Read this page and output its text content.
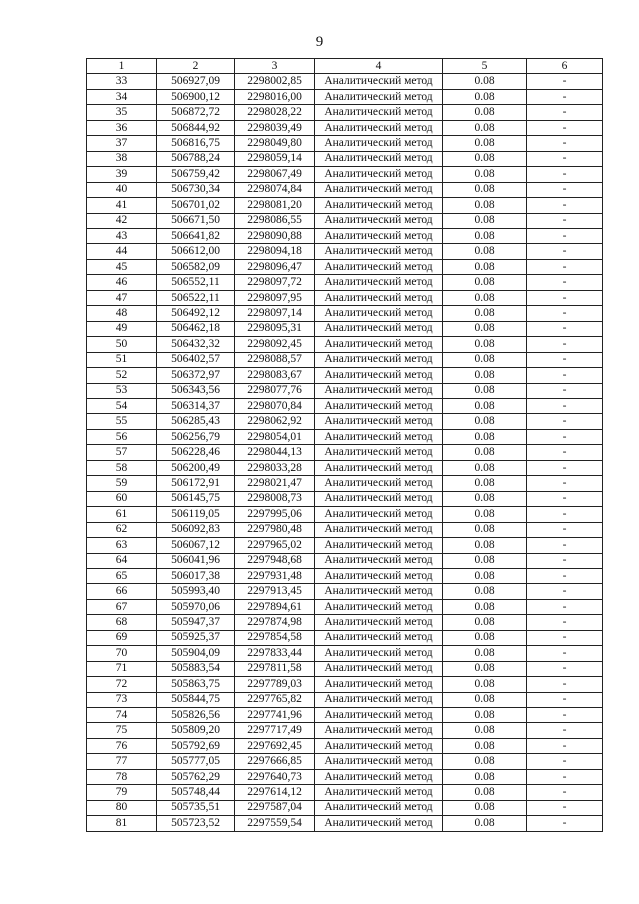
9
1	2	3	4	5	6
33	506927,09	2298002,85	Аналитический метод	0.08	-
34	506900,12	2298016,00	Аналитический метод	0.08	-
35	506872,72	2298028,22	Аналитический метод	0.08	-
36	506844,92	2298039,49	Аналитический метод	0.08	-
37	506816,75	2298049,80	Аналитический метод	0.08	-
38	506788,24	2298059,14	Аналитический метод	0.08	-
39	506759,42	2298067,49	Аналитический метод	0.08	-
40	506730,34	2298074,84	Аналитический метод	0.08	-
41	506701,02	2298081,20	Аналитический метод	0.08	-
42	506671,50	2298086,55	Аналитический метод	0.08	-
43	506641,82	2298090,88	Аналитический метод	0.08	-
44	506612,00	2298094,18	Аналитический метод	0.08	-
45	506582,09	2298096,47	Аналитический метод	0.08	-
46	506552,11	2298097,72	Аналитический метод	0.08	-
47	506522,11	2298097,95	Аналитический метод	0.08	-
48	506492,12	2298097,14	Аналитический метод	0.08	-
49	506462,18	2298095,31	Аналитический метод	0.08	-
50	506432,32	2298092,45	Аналитический метод	0.08	-
51	506402,57	2298088,57	Аналитический метод	0.08	-
52	506372,97	2298083,67	Аналитический метод	0.08	-
53	506343,56	2298077,76	Аналитический метод	0.08	-
54	506314,37	2298070,84	Аналитический метод	0.08	-
55	506285,43	2298062,92	Аналитический метод	0.08	-
56	506256,79	2298054,01	Аналитический метод	0.08	-
57	506228,46	2298044,13	Аналитический метод	0.08	-
58	506200,49	2298033,28	Аналитический метод	0.08	-
59	506172,91	2298021,47	Аналитический метод	0.08	-
60	506145,75	2298008,73	Аналитический метод	0.08	-
61	506119,05	2297995,06	Аналитический метод	0.08	-
62	506092,83	2297980,48	Аналитический метод	0.08	-
63	506067,12	2297965,02	Аналитический метод	0.08	-
64	506041,96	2297948,68	Аналитический метод	0.08	-
65	506017,38	2297931,48	Аналитический метод	0.08	-
66	505993,40	2297913,45	Аналитический метод	0.08	-
67	505970,06	2297894,61	Аналитический метод	0.08	-
68	505947,37	2297874,98	Аналитический метод	0.08	-
69	505925,37	2297854,58	Аналитический метод	0.08	-
70	505904,09	2297833,44	Аналитический метод	0.08	-
71	505883,54	2297811,58	Аналитический метод	0.08	-
72	505863,75	2297789,03	Аналитический метод	0.08	-
73	505844,75	2297765,82	Аналитический метод	0.08	-
74	505826,56	2297741,96	Аналитический метод	0.08	-
75	505809,20	2297717,49	Аналитический метод	0.08	-
76	505792,69	2297692,45	Аналитический метод	0.08	-
77	505777,05	2297666,85	Аналитический метод	0.08	-
78	505762,29	2297640,73	Аналитический метод	0.08	-
79	505748,44	2297614,12	Аналитический метод	0.08	-
80	505735,51	2297587,04	Аналитический метод	0.08	-
81	505723,52	2297559,54	Аналитический метод	0.08	-
